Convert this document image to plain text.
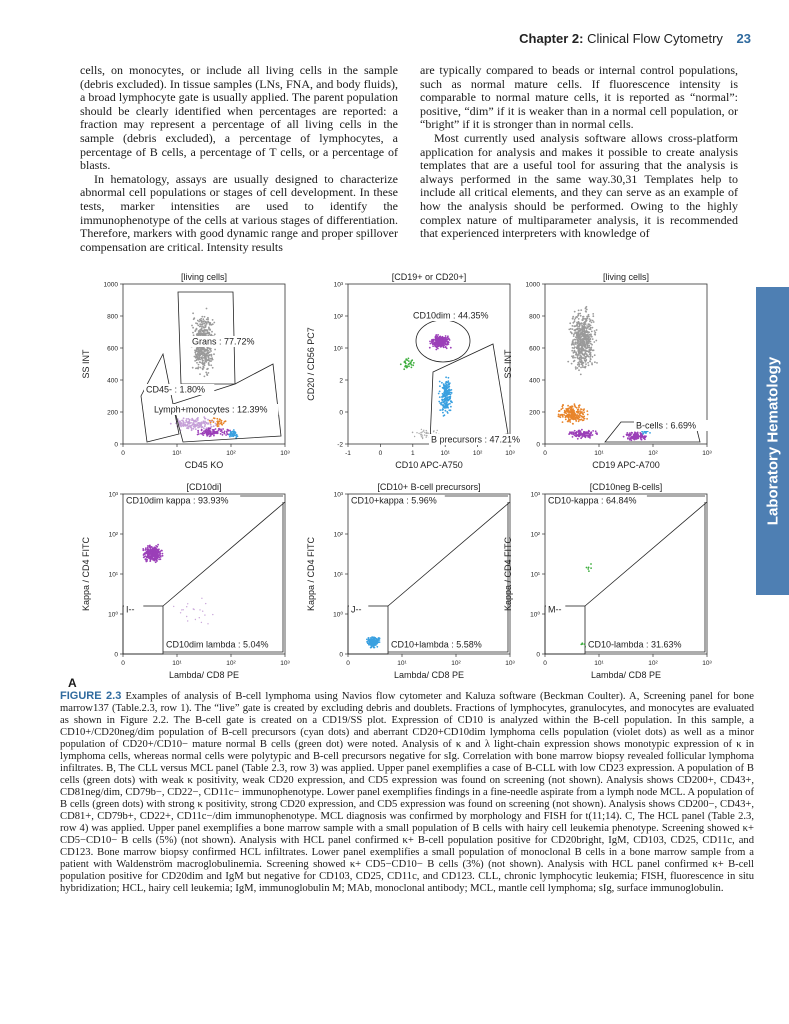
Chapter 2: Clinical Flow Cytometry 23

cells, on monocytes, or include all living cells in the sample (debris excluded). In tissue samples (LNs, FNA, and body fluids), a broad lymphocyte gate is usually applied. The parent population should be clearly identified when percentages are reported: a fraction may represent a percentage of all living cells in the sample (debris excluded), a percentage of lymphocytes, a percentage of B cells, a percentage of T cells, or a percentage of blasts.

In hematology, assays are usually designed to characterize abnormal cell populations or stages of cell development. In these tests, marker intensities are used to identify the immunophenotype of the cells at various stages of differentiation. Therefore, markers with good dynamic range and proper spillover compensation are critical. Intensity results

are typically compared to beads or internal control populations, such as normal mature cells. If fluorescence intensity is comparable to normal mature cells, it is reported as “normal”: positive, “dim” if it is weaker than in a normal cell population, or “bright” if it is stronger than in normal cells.

Most currently used analysis software allows cross-platform application for analysis and makes it possible to create analysis templates that are a useful tool for assuring that the analysis is always performed in the same way.30,31 Templates help to include all critical elements, and they can serve as an example of how the analysis should be performed. Owing to the highly complex nature of multiparameter analysis, it is recommended that experienced interpreters with knowledge of

Laboratory Hematology
[living cells]
CD45 KO
SS INT
0	10¹	10²	10³
1000
800
600
400
200
0
Grans : 77.72%
CD45- : 1.80%
Lymph+monocytes : 12.39%
[CD19+ or CD20+]
CD10 APC-A750
CD20 / CD56 PC7
-1	0	1	10¹	10²	10³
10³
10²
10¹
2
0
-2
CD10dim : 44.35%
B precursors : 47.21%
[living cells]
CD19 APC-A700
SS INT
0	10¹	10²	10³
1000
800
600
400
200
0
B-cells : 6.69%
[CD10di]
Lambda/ CD8 PE
Kappa / CD4 FITC
0	10¹	10²	10³
10³
10²
10¹
10⁰
0
CD10dim kappa : 93.93%
I--
CD10dim lambda : 5.04%
[CD10+ B-cell precursors]
Lambda/ CD8 PE
Kappa / CD4 FITC
0	10¹	10²	10³
10³
10²
10¹
10⁰
0
CD10+kappa : 5.96%
J--
CD10+lambda : 5.58%
[CD10neg B-cells]
Lambda/ CD8 PE
Kappa / CD4 FITC
0	10¹	10²	10³
10³
10²
10¹
10⁰
0
CD10-kappa : 64.84%
M--
CD10-lambda : 31.63%
A
FIGURE 2.3 Examples of analysis of B-cell lymphoma using Navios flow cytometer and Kaluza software (Beckman Coulter). A, Screening panel for bone marrow137 (Table.2.3, row 1). The “live” gate is created by excluding debris and doublets. Fractions of lymphocytes, granulocytes, and monocytes are evaluated as shown in Figure 2.2. The B-cell gate is created on a CD19/SS plot. Expression of CD10 is analyzed within the B-cell population. In this sample, a CD10+/CD20neg/dim population of B-cell precursors (cyan dots) and aberrant CD20+CD10dim lymphoma cells population (violet dots) as well as a minor population of CD20+/CD10− mature normal B cells (green dot) were noted. Analysis of κ and λ light-chain expression shows monotypic expression of κ in lymphoma cells, whereas normal cells were polytypic and B-cell precursors negative for sIg. Correlation with bone marrow biopsy revealed follicular lymphoma infiltrates. B, The CLL versus MCL panel (Table 2.3, row 3) was applied. Upper panel exemplifies a case of B-CLL with low CD23 expression. A population of B cells (green dots) with weak κ positivity, weak CD20 expression, and CD5 expression was found on screening (not shown). Analysis shows CD200+, CD43+, CD81neg/dim, CD79b−, CD22−, CD11c− immunophenotype. Lower panel exemplifies findings in a fine-needle aspirate from a lymph node MCL. A population of B cells (green dots) with strong κ positivity, strong CD20 expression, and CD5 expression was found on screening (not shown). Analysis shows CD200−, CD43+, CD81+, CD79b+, CD22+, CD11c−/dim immunophenotype. MCL diagnosis was confirmed by morphology and FISH for t(11;14). C, The HCL panel (Table 2.3, row 4) was applied. Upper panel exemplifies a bone marrow sample with a small population of B cells with hairy cell leukemia phenotype. Screening showed κ+ CD5−CD10− B cells (5%) (not shown). Analysis with HCL panel confirmed κ+ B-cell population positive for CD20bright, IgM, CD103, CD25, CD11c, and CD123. Bone marrow biopsy confirmed HCL infiltrates. Lower panel exemplifies a small population of monoclonal B cells in a bone marrow sample from a patient with Waldenström macroglobulinemia. Screening showed κ+ CD5−CD10− B cells (3%) (not shown). Analysis with HCL panel confirmed κ+ B-cell population positive for CD20dim and IgM but negative for CD103, CD25, CD11c, and CD123. CLL, chronic lymphocytic leukemia; FISH, fluorescence in situ hybridization; HCL, hairy cell leukemia; IgM, immunoglobulin M; MAb, monoclonal antibody; MCL, mantle cell lymphoma; sIg, surface immunoglobulin.
